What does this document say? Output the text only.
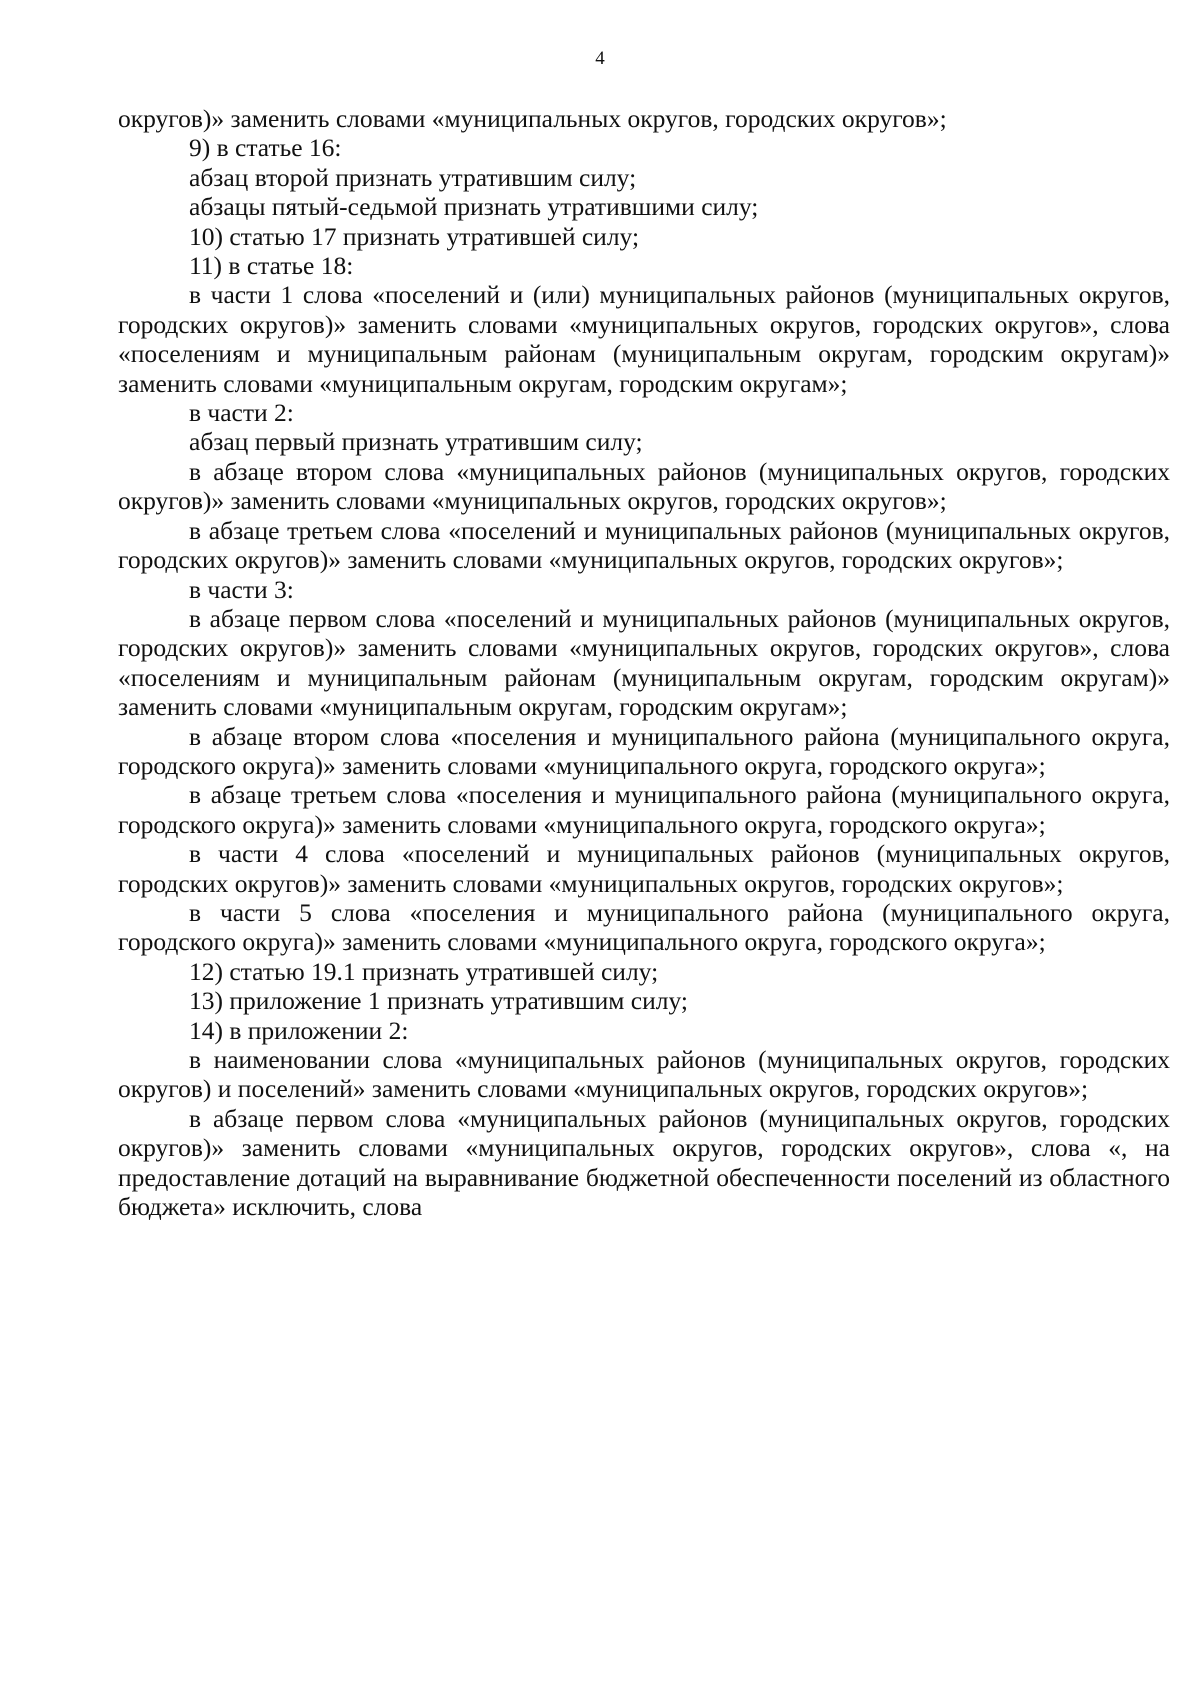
4

округов)» заменить словами «муниципальных округов, городских округов»;

9) в статье 16:

абзац второй признать утратившим силу;

абзацы пятый-седьмой признать утратившими силу;

10) статью 17 признать утратившей силу;

11) в статье 18:

в части 1 слова «поселений и (или) муниципальных районов (муниципальных округов, городских округов)» заменить словами «муниципальных округов, городских округов», слова «поселениям и муниципальным районам (муниципальным округам, городским округам)» заменить словами «муниципальным округам, городским округам»;

в части 2:

абзац первый признать утратившим силу;

в абзаце втором слова «муниципальных районов (муниципальных округов, городских округов)» заменить словами «муниципальных округов, городских округов»;

в абзаце третьем слова «поселений и муниципальных районов (муниципальных округов, городских округов)» заменить словами «муниципальных округов, городских округов»;

в части 3:

в абзаце первом слова «поселений и муниципальных районов (муниципальных округов, городских округов)» заменить словами «муниципальных округов, городских округов», слова «поселениям и муниципальным районам (муниципальным округам, городским округам)» заменить словами «муниципальным округам, городским округам»;

в абзаце втором слова «поселения и муниципального района (муниципального округа, городского округа)» заменить словами «муниципального округа, городского округа»;

в абзаце третьем слова «поселения и муниципального района (муниципального округа, городского округа)» заменить словами «муниципального округа, городского округа»;

в части 4 слова «поселений и муниципальных районов (муниципальных округов, городских округов)» заменить словами «муниципальных округов, городских округов»;

в части 5 слова «поселения и муниципального района (муниципального округа, городского округа)» заменить словами «муниципального округа, городского округа»;

12) статью 19.1 признать утратившей силу;

13) приложение 1 признать утратившим силу;

14) в приложении 2:

в наименовании слова «муниципальных районов (муниципальных округов, городских округов) и поселений» заменить словами «муниципальных округов, городских округов»;

в абзаце первом слова «муниципальных районов (муниципальных округов, городских округов)» заменить словами «муниципальных округов, городских округов», слова «, на предоставление дотаций на выравнивание бюджетной обеспеченности поселений из областного бюджета» исключить, слова
